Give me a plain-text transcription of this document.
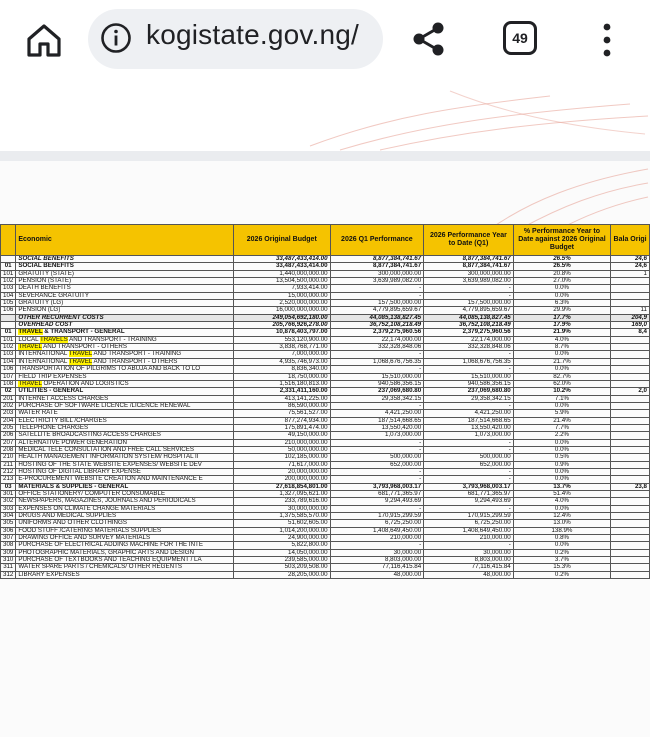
kogistate.gov.ng/	49
	Economic	2026 Original Budget	2026 Q1 Performance	2026 Performance Year to Date (Q1)	% Performance Year to Date against 2026 Original Budget	Bala Origi
	SOCIAL BENEFITS	33,487,433,414.00	8,877,384,741.67	8,877,384,741.67	26.5%	24,6
01	SOCIAL BENEFITS	33,487,433,414.00	8,877,384,741.67	8,877,384,741.67	26.5%	24,6
101	GRATUITY (STATE)	1,440,000,000.00	300,000,000.00	300,000,000.00	20.8%	1
102	PENSION (STATE)	13,504,500,000.00	3,639,989,082.00	3,639,989,082.00	27.0%	
103	DEATH BENEFITS	7,933,414.00	-	-	0.0%	
104	SEVERANCE GRATUITY	15,000,000.00	-	-	0.0%	
105	GRATUITY (LG)	2,520,000,000.00	157,500,000.00	157,500,000.00	6.3%	
106	PENSION (LG)	16,000,000,000.00	4,779,895,659.67	4,779,895,659.67	29.9%	11
	OTHER RECURRENT COSTS	249,054,692,180.00	44,085,138,827.45	44,085,138,827.45	17.7%	204,9
	OVERHEAD COST	205,766,926,278.00	36,752,108,218.49	36,752,108,218.49	17.9%	169,0
01	TRAVEL & TRANSPORT - GENERAL	10,878,403,797.00	2,379,275,960.56	2,379,275,960.56	21.9%	8,4
101	LOCAL TRAVELS AND TRANSPORT - TRAINING	553,120,900.00	22,174,000.00	22,174,000.00	4.0%	
102	TRAVEL AND TRANSPORT - OTHERS	3,838,768,771.00	332,328,848.06	332,328,848.06	8.7%	
103	INTERNATIONAL TRAVEL AND TRANSPORT - TRAINING	7,000,000.00	-	-	0.0%	
104	INTERNATIONAL TRAVEL AND TRANSPORT - OTHERS	4,935,746,973.00	1,068,676,756.35	1,068,676,756.35	21.7%	
106	TRANSPORTATION OF PILGRIMS TO ABUJA AND BACK TO LO	8,836,340.00	-	-	0.0%	
107	FIELD TRIP EXPENSES	18,750,000.00	15,510,000.00	15,510,000.00	82.7%	
108	TRAVEL OPERATION AND LOGISTICS	1,516,180,813.00	940,586,356.15	940,586,356.15	62.0%	
02	UTILITIES - GENERAL	2,331,411,160.00	237,069,680.80	237,069,680.80	10.2%	2,0
201	INTERNET ACCESS CHARGES	413,141,225.00	29,358,342.15	29,358,342.15	7.1%	
202	PURCHASE OF SOFTWARE LICENCE /LICENCE RENEWAL	86,590,000.00	-	-	0.0%	
203	WATER RATE	75,561,527.00	4,421,250.00	4,421,250.00	5.9%	
204	ELECTRICITY BILL /CHARGES	877,274,934.00	187,514,668.65	187,514,668.65	21.4%	
205	TELEPHONE CHARGES	175,891,474.00	13,550,420.00	13,550,420.00	7.7%	
206	SATELLITE BROADCASTING ACCESS CHARGES	49,150,000.00	1,073,000.00	1,073,000.00	2.2%	
207	ALTERNATIVE POWER GENERATION	210,000,000.00	-	-	0.0%	
208	MEDICAL TELE CONSULTATION AND FREE CALL SERVICES	50,000,000.00	-	-	0.0%	
210	HEALTH MANAGEMENT INFORMATION SYSTEM/ HOSPITAL II	102,185,000.00	500,000.00	500,000.00	0.5%	
211	HOSTING OF THE STATE WEBSITE EXPENSES/ WEBSITE DEV	71,617,000.00	652,000.00	652,000.00	0.9%	
212	HOSTING OF DIGITAL LIBRARY EXPENSE	20,000,000.00	-	-	0.0%	
213	E-PROCUREMENT WEBSITE CREATION AND MAINTENANCE E	200,000,000.00	-	-	0.0%	
03	MATERIALS & SUPPLIES - GENERAL	27,618,854,801.00	3,793,968,003.17	3,793,968,003.17	13.7%	23,8
301	OFFICE STATIONERY/ COMPUTER CONSUMABLE	1,327,095,621.00	681,771,365.97	681,771,365.97	51.4%	
302	NEWSPAPERS, MAGAZINES, JOURNALS AND PERIODICALS	233,789,616.00	9,294,493.69	9,294,493.69	4.0%	
303	EXPENSES ON CLIMATE CHANGE MATERIALS	30,000,000.00	-	-	0.0%	
304	DRUGS AND MEDICAL SUPPLIES	1,375,585,570.00	170,915,299.59	170,915,299.59	12.4%	
305	UNIFORMS AND OTHER CLOTHINGS	51,602,605.00	6,725,250.00	6,725,250.00	13.0%	
306	FOOD STUFF /CATERING MATERIALS SUPPLIES	1,014,200,000.00	1,408,649,450.00	1,408,649,450.00	138.9%	
307	DRAWING OFFICE AND SURVEY MATERIALS	24,900,000.00	210,000.00	210,000.00	0.8%	
308	PURCHASE OF ELECTRICAL ADDING MACHINE FOR THE INTE	5,822,800.00	-	-	0.0%	
309	PHOTOGRAPHIC MATERIALS, GRAPHIC ARTS AND DESIGN	14,050,000.00	30,000.00	30,000.00	0.2%	
310	PURCHASE OF TEXTBOOKS AND TEACHING EQUIPMENT / LA	239,585,000.00	8,803,000.00	8,803,000.00	3.7%	
311	WATER SPARE PARTS / CHEMICALS/ OTHER REGENTS	503,209,508.00	77,116,415.84	77,116,415.84	15.3%	
312	LIBRARY EXPENSES	28,205,000.00	48,000.00	48,000.00	0.2%	
